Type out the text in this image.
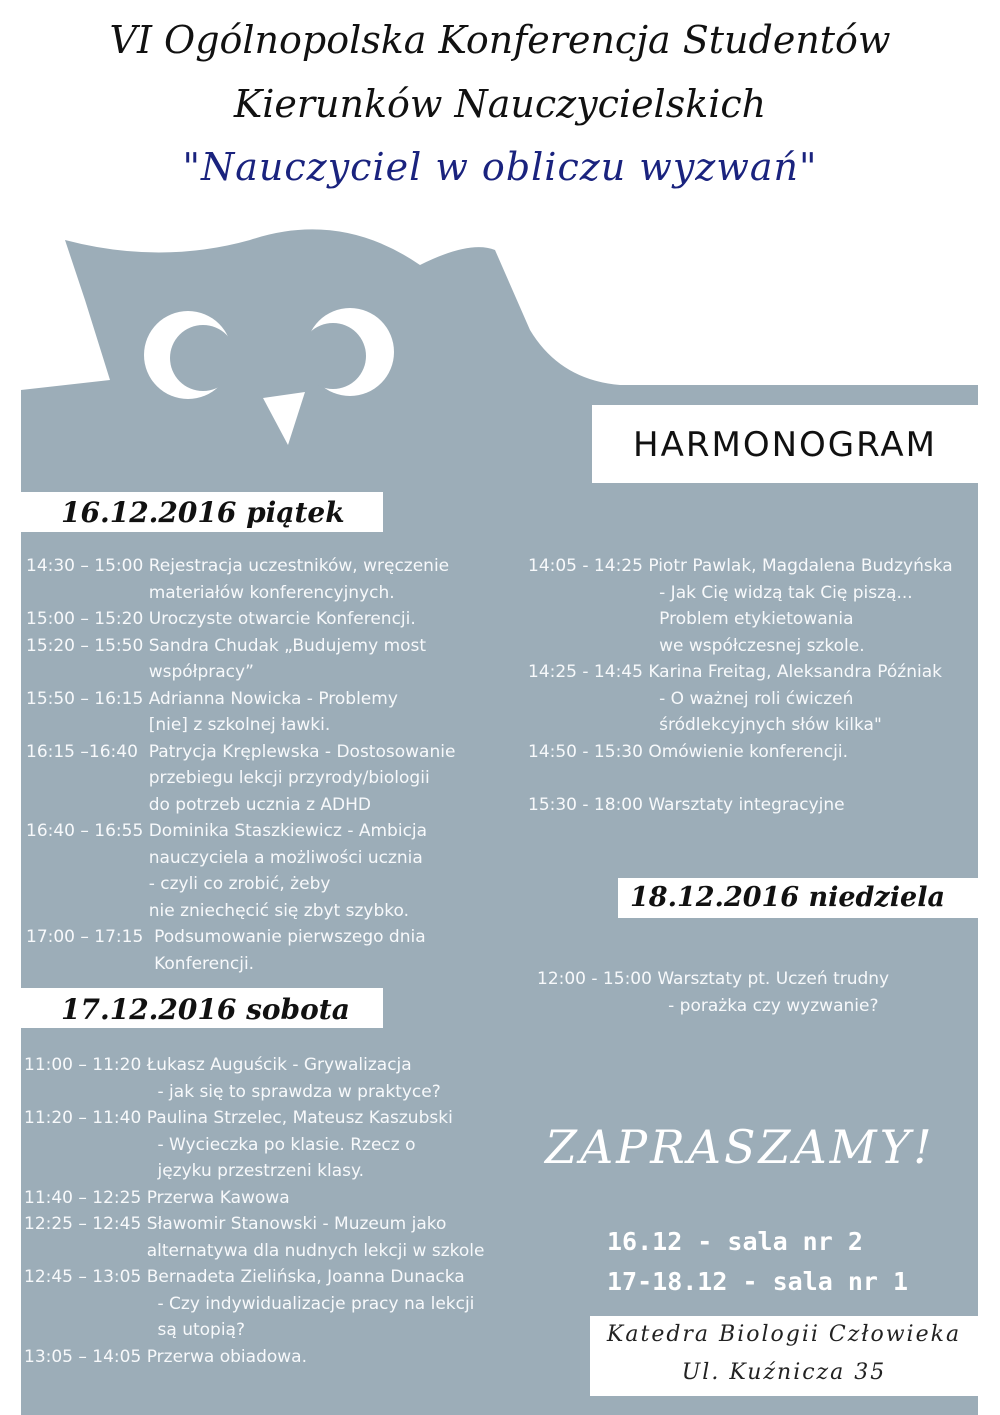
VI Ogólnopolska Konferencja Studentów
Kierunków Nauczycielskich
"Nauczyciel w obliczu wyzwań"
HARMONOGRAM
16.12.2016 piątek
17.12.2016 sobota
18.12.2016 niedziela
14:30 – 15:00 Rejestracja uczestników, wręczenie
materiałów konferencyjnych.
15:00 – 15:20 Uroczyste otwarcie Konferencji.
15:20 – 15:50 Sandra Chudak „Budujemy most
współpracy”
15:50 – 16:15 Adrianna Nowicka - Problemy
[nie] z szkolnej ławki.
16:15 –16:40 Patrycja Kręplewska - Dostosowanie
przebiegu lekcji przyrody/biologii
do potrzeb ucznia z ADHD
16:40 – 16:55 Dominika Staszkiewicz - Ambicja
nauczyciela a możliwości ucznia
- czyli co zrobić, żeby
nie zniechęcić się zbyt szybko.
17:00 – 17:15 Podsumowanie pierwszego dnia
Konferencji.
11:00 – 11:20 Łukasz Auguścik - Grywalizacja
- jak się to sprawdza w praktyce?
11:20 – 11:40 Paulina Strzelec, Mateusz Kaszubski
- Wycieczka po klasie. Rzecz o
języku przestrzeni klasy.
11:40 – 12:25 Przerwa Kawowa
12:25 – 12:45 Sławomir Stanowski - Muzeum jako
alternatywa dla nudnych lekcji w szkole
12:45 – 13:05 Bernadeta Zielińska, Joanna Dunacka
- Czy indywidualizacje pracy na lekcji
są utopią?
13:05 – 14:05 Przerwa obiadowa.
14:05 - 14:25 Piotr Pawlak, Magdalena Budzyńska
- Jak Cię widzą tak Cię piszą...
Problem etykietowania
we współczesnej szkole.
14:25 - 14:45 Karina Freitag, Aleksandra Późniak
- O ważnej roli ćwiczeń
śródlekcyjnych słów kilka"
14:50 - 15:30 Omówienie konferencji.

15:30 - 18:00 Warsztaty integracyjne
12:00 - 15:00 Warsztaty pt. Uczeń trudny
- porażka czy wyzwanie?
ZAPRASZAMY!
16.12 - sala nr 2
17-18.12 - sala nr 1
Katedra Biologii Człowieka
Ul. Kuźnicza 35
